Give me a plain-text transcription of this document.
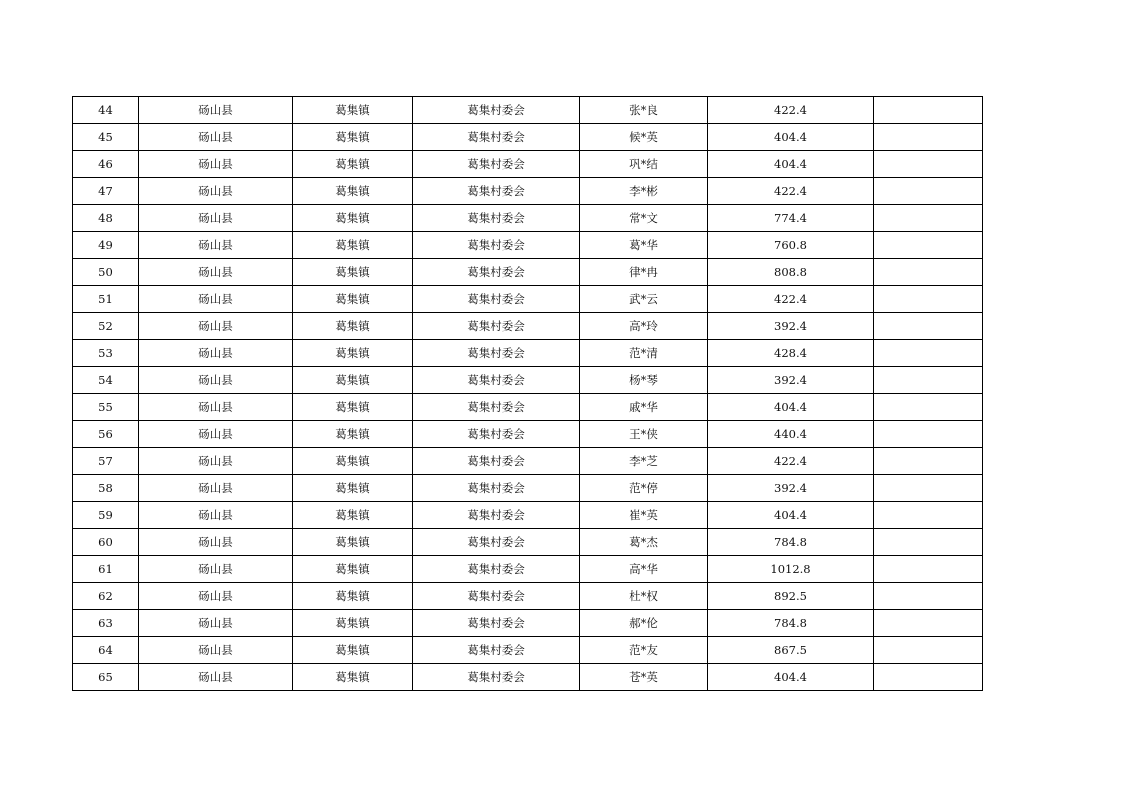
44	砀山县	葛集镇	葛集村委会	张*良	422.4	
45	砀山县	葛集镇	葛集村委会	候*英	404.4	
46	砀山县	葛集镇	葛集村委会	巩*结	404.4	
47	砀山县	葛集镇	葛集村委会	李*彬	422.4	
48	砀山县	葛集镇	葛集村委会	常*文	774.4	
49	砀山县	葛集镇	葛集村委会	葛*华	760.8	
50	砀山县	葛集镇	葛集村委会	律*冉	808.8	
51	砀山县	葛集镇	葛集村委会	武*云	422.4	
52	砀山县	葛集镇	葛集村委会	高*玲	392.4	
53	砀山县	葛集镇	葛集村委会	范*清	428.4	
54	砀山县	葛集镇	葛集村委会	杨*琴	392.4	
55	砀山县	葛集镇	葛集村委会	戚*华	404.4	
56	砀山县	葛集镇	葛集村委会	王*侠	440.4	
57	砀山县	葛集镇	葛集村委会	李*芝	422.4	
58	砀山县	葛集镇	葛集村委会	范*停	392.4	
59	砀山县	葛集镇	葛集村委会	崔*英	404.4	
60	砀山县	葛集镇	葛集村委会	葛*杰	784.8	
61	砀山县	葛集镇	葛集村委会	高*华	1012.8	
62	砀山县	葛集镇	葛集村委会	杜*权	892.5	
63	砀山县	葛集镇	葛集村委会	郝*伦	784.8	
64	砀山县	葛集镇	葛集村委会	范*友	867.5	
65	砀山县	葛集镇	葛集村委会	苍*英	404.4	
